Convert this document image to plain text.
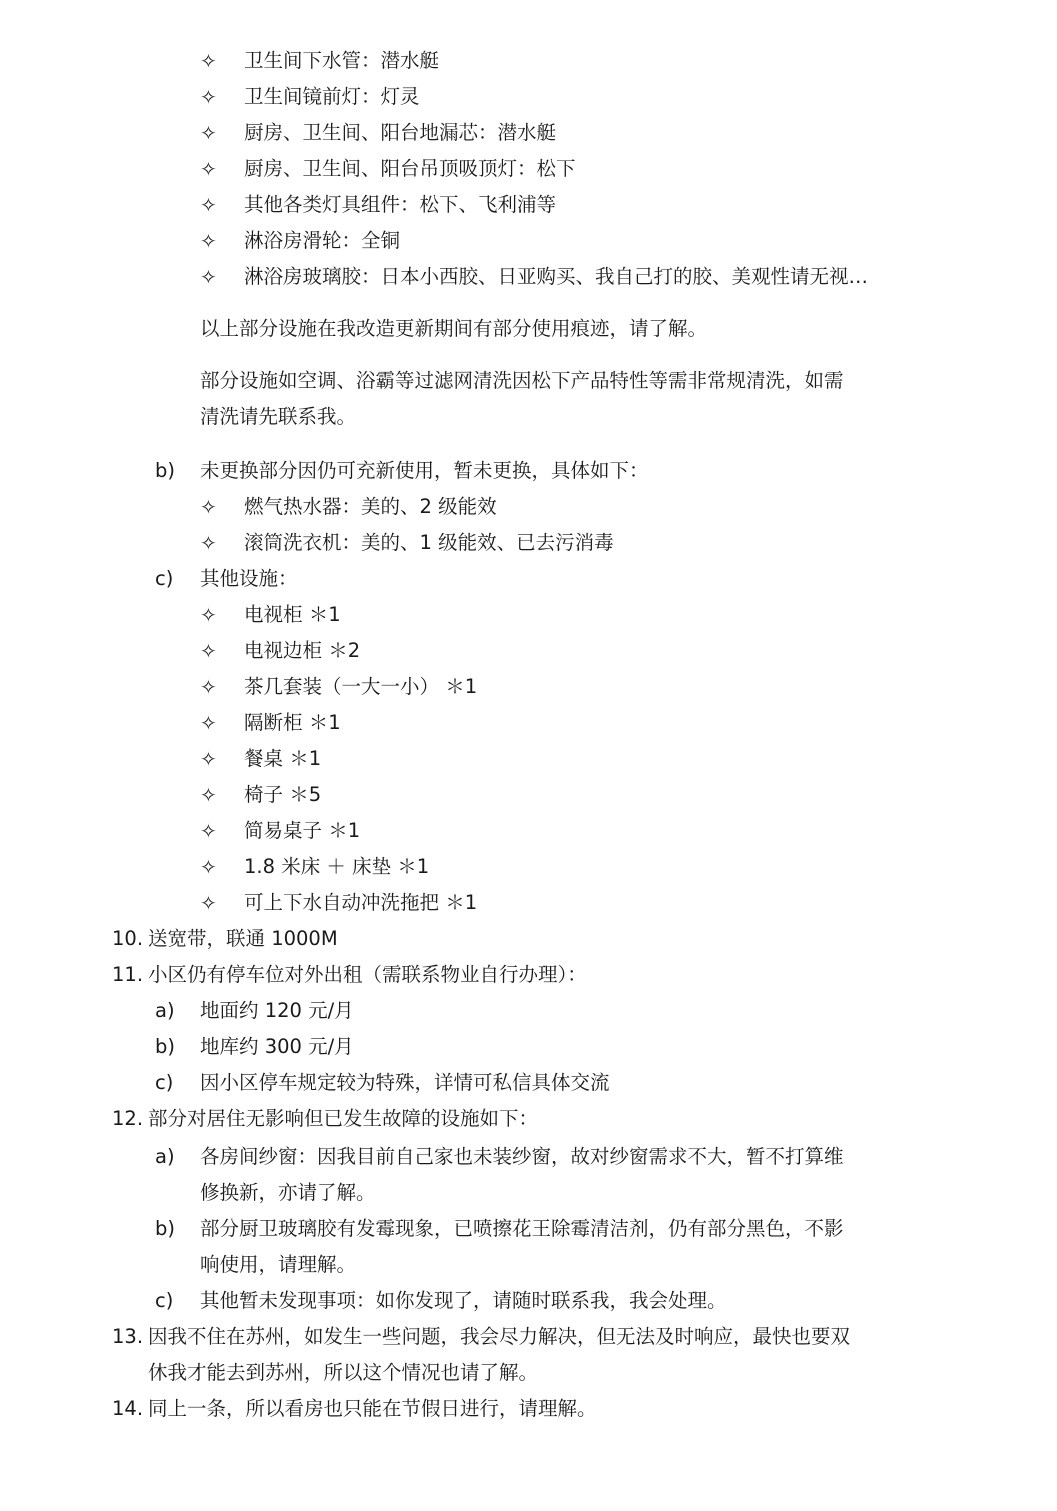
✧ 卫生间下水管：潜水艇
✧ 卫生间镜前灯：灯灵
✧ 厨房、卫生间、阳台地漏芯：潜水艇
✧ 厨房、卫生间、阳台吊顶吸顶灯：松下
✧ 其他各类灯具组件：松下、飞利浦等
✧ 淋浴房滑轮：全铜
✧ 淋浴房玻璃胶：日本小西胶、日亚购买、我自己打的胶、美观性请无视…
以上部分设施在我改造更新期间有部分使用痕迹，请了解。
部分设施如空调、浴霸等过滤网清洗因松下产品特性等需非常规清洗，如需
清洗请先联系我。
b) 未更换部分因仍可充新使用，暂未更换，具体如下：
✧ 燃气热水器：美的、2 级能效
✧ 滚筒洗衣机：美的、1 级能效、已去污消毒
c) 其他设施：
✧ 电视柜 ＊1
✧ 电视边柜 ＊2
✧ 茶几套装（一大一小） ＊1
✧ 隔断柜 ＊1
✧ 餐桌 ＊1
✧ 椅子 ＊5
✧ 简易桌子 ＊1
✧ 1.8 米床 ＋ 床垫 ＊1
✧ 可上下水自动冲洗拖把 ＊1
10. 送宽带，联通 1000M
11. 小区仍有停车位对外出租（需联系物业自行办理）：
a) 地面约 120 元/月
b) 地库约 300 元/月
c) 因小区停车规定较为特殊，详情可私信具体交流
12. 部分对居住无影响但已发生故障的设施如下：
a) 各房间纱窗：因我目前自己家也未装纱窗，故对纱窗需求不大，暂不打算维
修换新，亦请了解。
b) 部分厨卫玻璃胶有发霉现象，已喷擦花王除霉清洁剂，仍有部分黑色，不影
响使用，请理解。
c) 其他暂未发现事项：如你发现了，请随时联系我，我会处理。
13. 因我不住在苏州，如发生一些问题，我会尽力解决，但无法及时响应，最快也要双
休我才能去到苏州，所以这个情况也请了解。
14. 同上一条，所以看房也只能在节假日进行，请理解。
